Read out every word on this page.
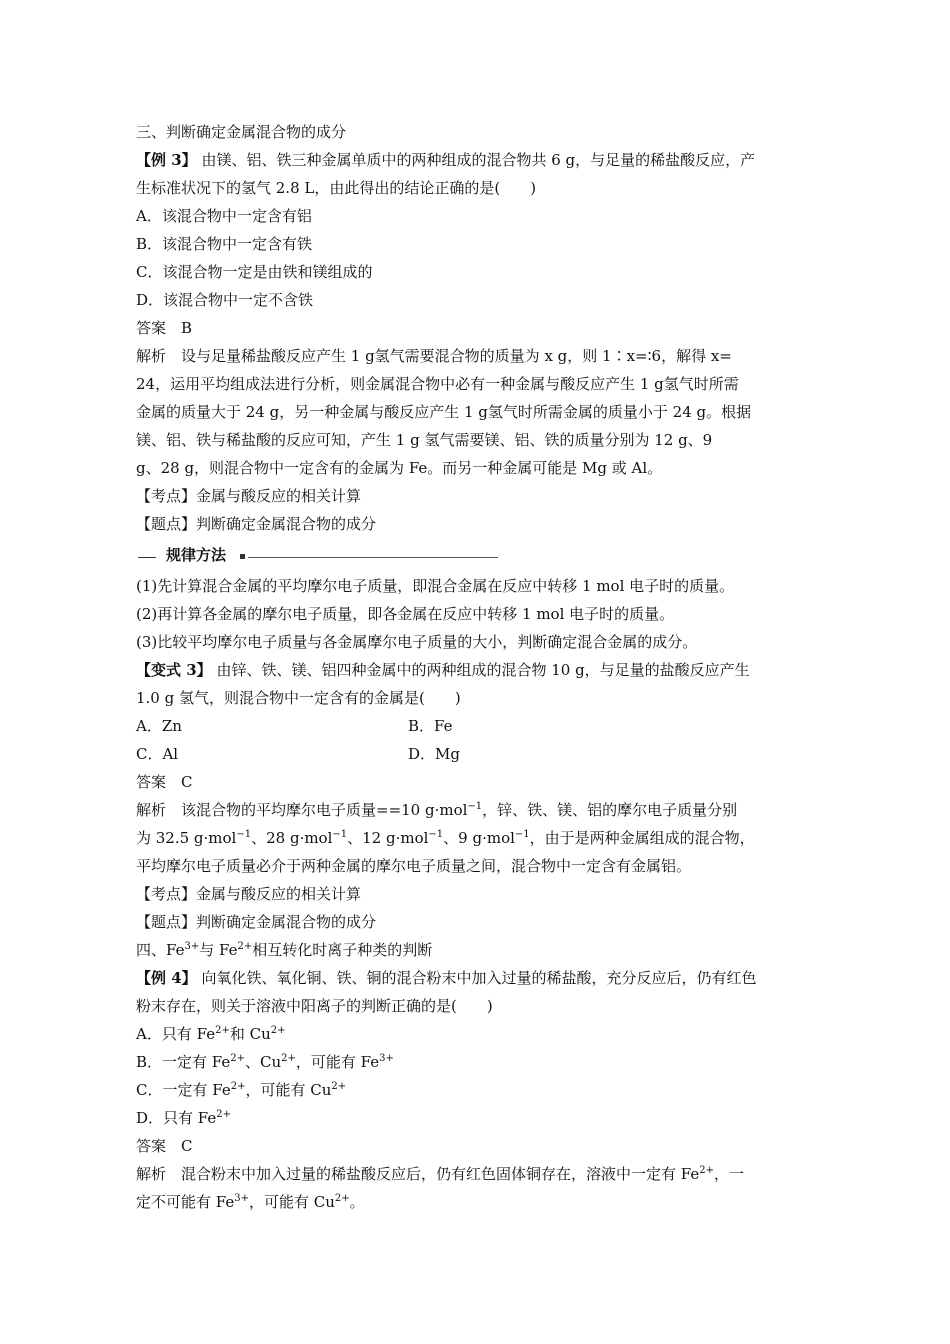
三、判断确定金属混合物的成分
【例 3】 由镁、铝、铁三种金属单质中的两种组成的混合物共 6 g，与足量的稀盐酸反应，产
生标准状况下的氢气 2.8 L，由此得出的结论正确的是(　　)
A．该混合物中一定含有铝
B．该混合物中一定含有铁
C．该混合物一定是由铁和镁组成的
D．该混合物中一定不含铁
答案　B
解析　设与足量稀盐酸反应产生 1 g氢气需要混合物的质量为 x g，则 1∶x=∶6，解得 x=
24，运用平均组成法进行分析，则金属混合物中必有一种金属与酸反应产生 1 g氢气时所需
金属的质量大于 24 g，另一种金属与酸反应产生 1 g氢气时所需金属的质量小于 24 g。根据
镁、铝、铁与稀盐酸的反应可知，产生 1 g 氢气需要镁、铝、铁的质量分别为 12 g、9
g、28 g，则混合物中一定含有的金属为 Fe。而另一种金属可能是 Mg 或 Al。
【考点】金属与酸反应的相关计算
【题点】判断确定金属混合物的成分
规律方法
(1)先计算混合金属的平均摩尔电子质量，即混合金属在反应中转移 1 mol 电子时的质量。
(2)再计算各金属的摩尔电子质量，即各金属在反应中转移 1 mol 电子时的质量。
(3)比较平均摩尔电子质量与各金属摩尔电子质量的大小，判断确定混合金属的成分。
【变式 3】 由锌、铁、镁、铝四种金属中的两种组成的混合物 10 g，与足量的盐酸反应产生
1.0 g 氢气，则混合物中一定含有的金属是(　　)
A．Zn	B．Fe
C．Al	D．Mg
答案　C
解析　该混合物的平均摩尔电子质量==10 g·mol$^{-1}$，锌、铁、镁、铝的摩尔电子质量分别
为 32.5 g·mol$^{-1}$、28 g·mol$^{-1}$、12 g·mol$^{-1}$、9 g·mol$^{-1}$，由于是两种金属组成的混合物，
平均摩尔电子质量必介于两种金属的摩尔电子质量之间，混合物中一定含有金属铝。
【考点】金属与酸反应的相关计算
【题点】判断确定金属混合物的成分
四、$Fe^{3+}$与 $Fe^{2+}$相互转化时离子种类的判断
【例 4】 向氧化铁、氧化铜、铁、铜的混合粉末中加入过量的稀盐酸，充分反应后，仍有红色
粉末存在，则关于溶液中阳离子的判断正确的是(　　)
A．只有 $Fe^{2+}$和 $Cu^{2+}$
B．一定有 $Fe^{2+}$、$Cu^{2+}$，可能有 $Fe^{3+}$
C．一定有 $Fe^{2+}$，可能有 $Cu^{2+}$
D．只有 $Fe^{2+}$
答案　C
解析　混合粉末中加入过量的稀盐酸反应后，仍有红色固体铜存在，溶液中一定有 $Fe^{2+}$，一
定不可能有 $Fe^{3+}$，可能有 $Cu^{2+}$。
